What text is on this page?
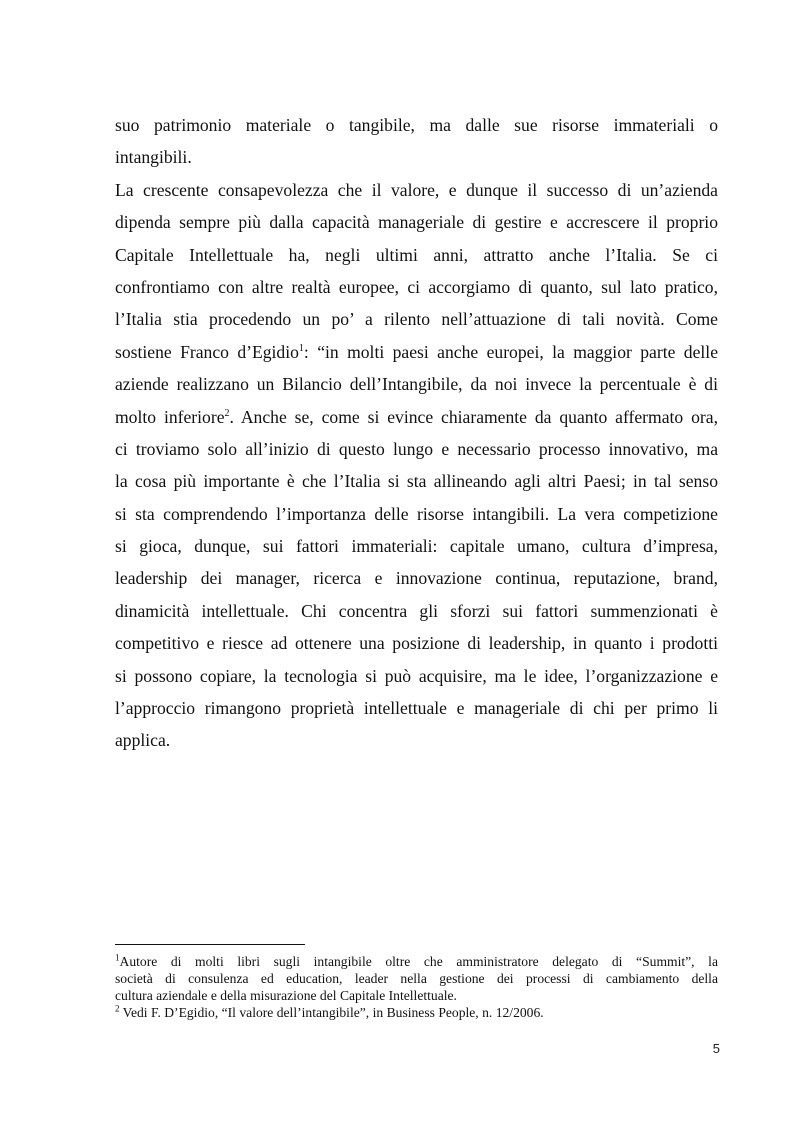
suo patrimonio materiale o tangibile, ma dalle sue risorse immateriali o
intangibili.
La crescente consapevolezza che il valore, e dunque il successo di un’azienda
dipenda sempre più dalla capacità manageriale di gestire e accrescere il proprio
Capitale Intellettuale ha, negli ultimi anni, attratto anche l’Italia. Se ci
confrontiamo con altre realtà europee, ci accorgiamo di quanto, sul lato pratico,
l’Italia stia procedendo un po’ a rilento nell’attuazione di tali novità. Come
sostiene Franco d’Egidio$^1$: “in molti paesi anche europei, la maggior parte delle
aziende realizzano un Bilancio dell’Intangibile, da noi invece la percentuale è di
molto inferiore$^2$. Anche se, come si evince chiaramente da quanto affermato ora,
ci troviamo solo all’inizio di questo lungo e necessario processo innovativo, ma
la cosa più importante è che l’Italia si sta allineando agli altri Paesi; in tal senso
si sta comprendendo l’importanza delle risorse intangibili. La vera competizione
si gioca, dunque, sui fattori immateriali: capitale umano, cultura d’impresa,
leadership dei manager, ricerca e innovazione continua, reputazione, brand,
dinamicità intellettuale. Chi concentra gli sforzi sui fattori summenzionati è
competitivo e riesce ad ottenere una posizione di leadership, in quanto i prodotti
si possono copiare, la tecnologia si può acquisire, ma le idee, l’organizzazione e
l’approccio rimangono proprietà intellettuale e manageriale di chi per primo li
applica.
$^1$Autore di molti libri sugli intangibile oltre che amministratore delegato di “Summit”, la
società di consulenza ed education, leader nella gestione dei processi di cambiamento della
cultura aziendale e della misurazione del Capitale Intellettuale.
$^2$ Vedi F. D’Egidio, “Il valore dell’intangibile”, in Business People, n. 12/2006.
5
